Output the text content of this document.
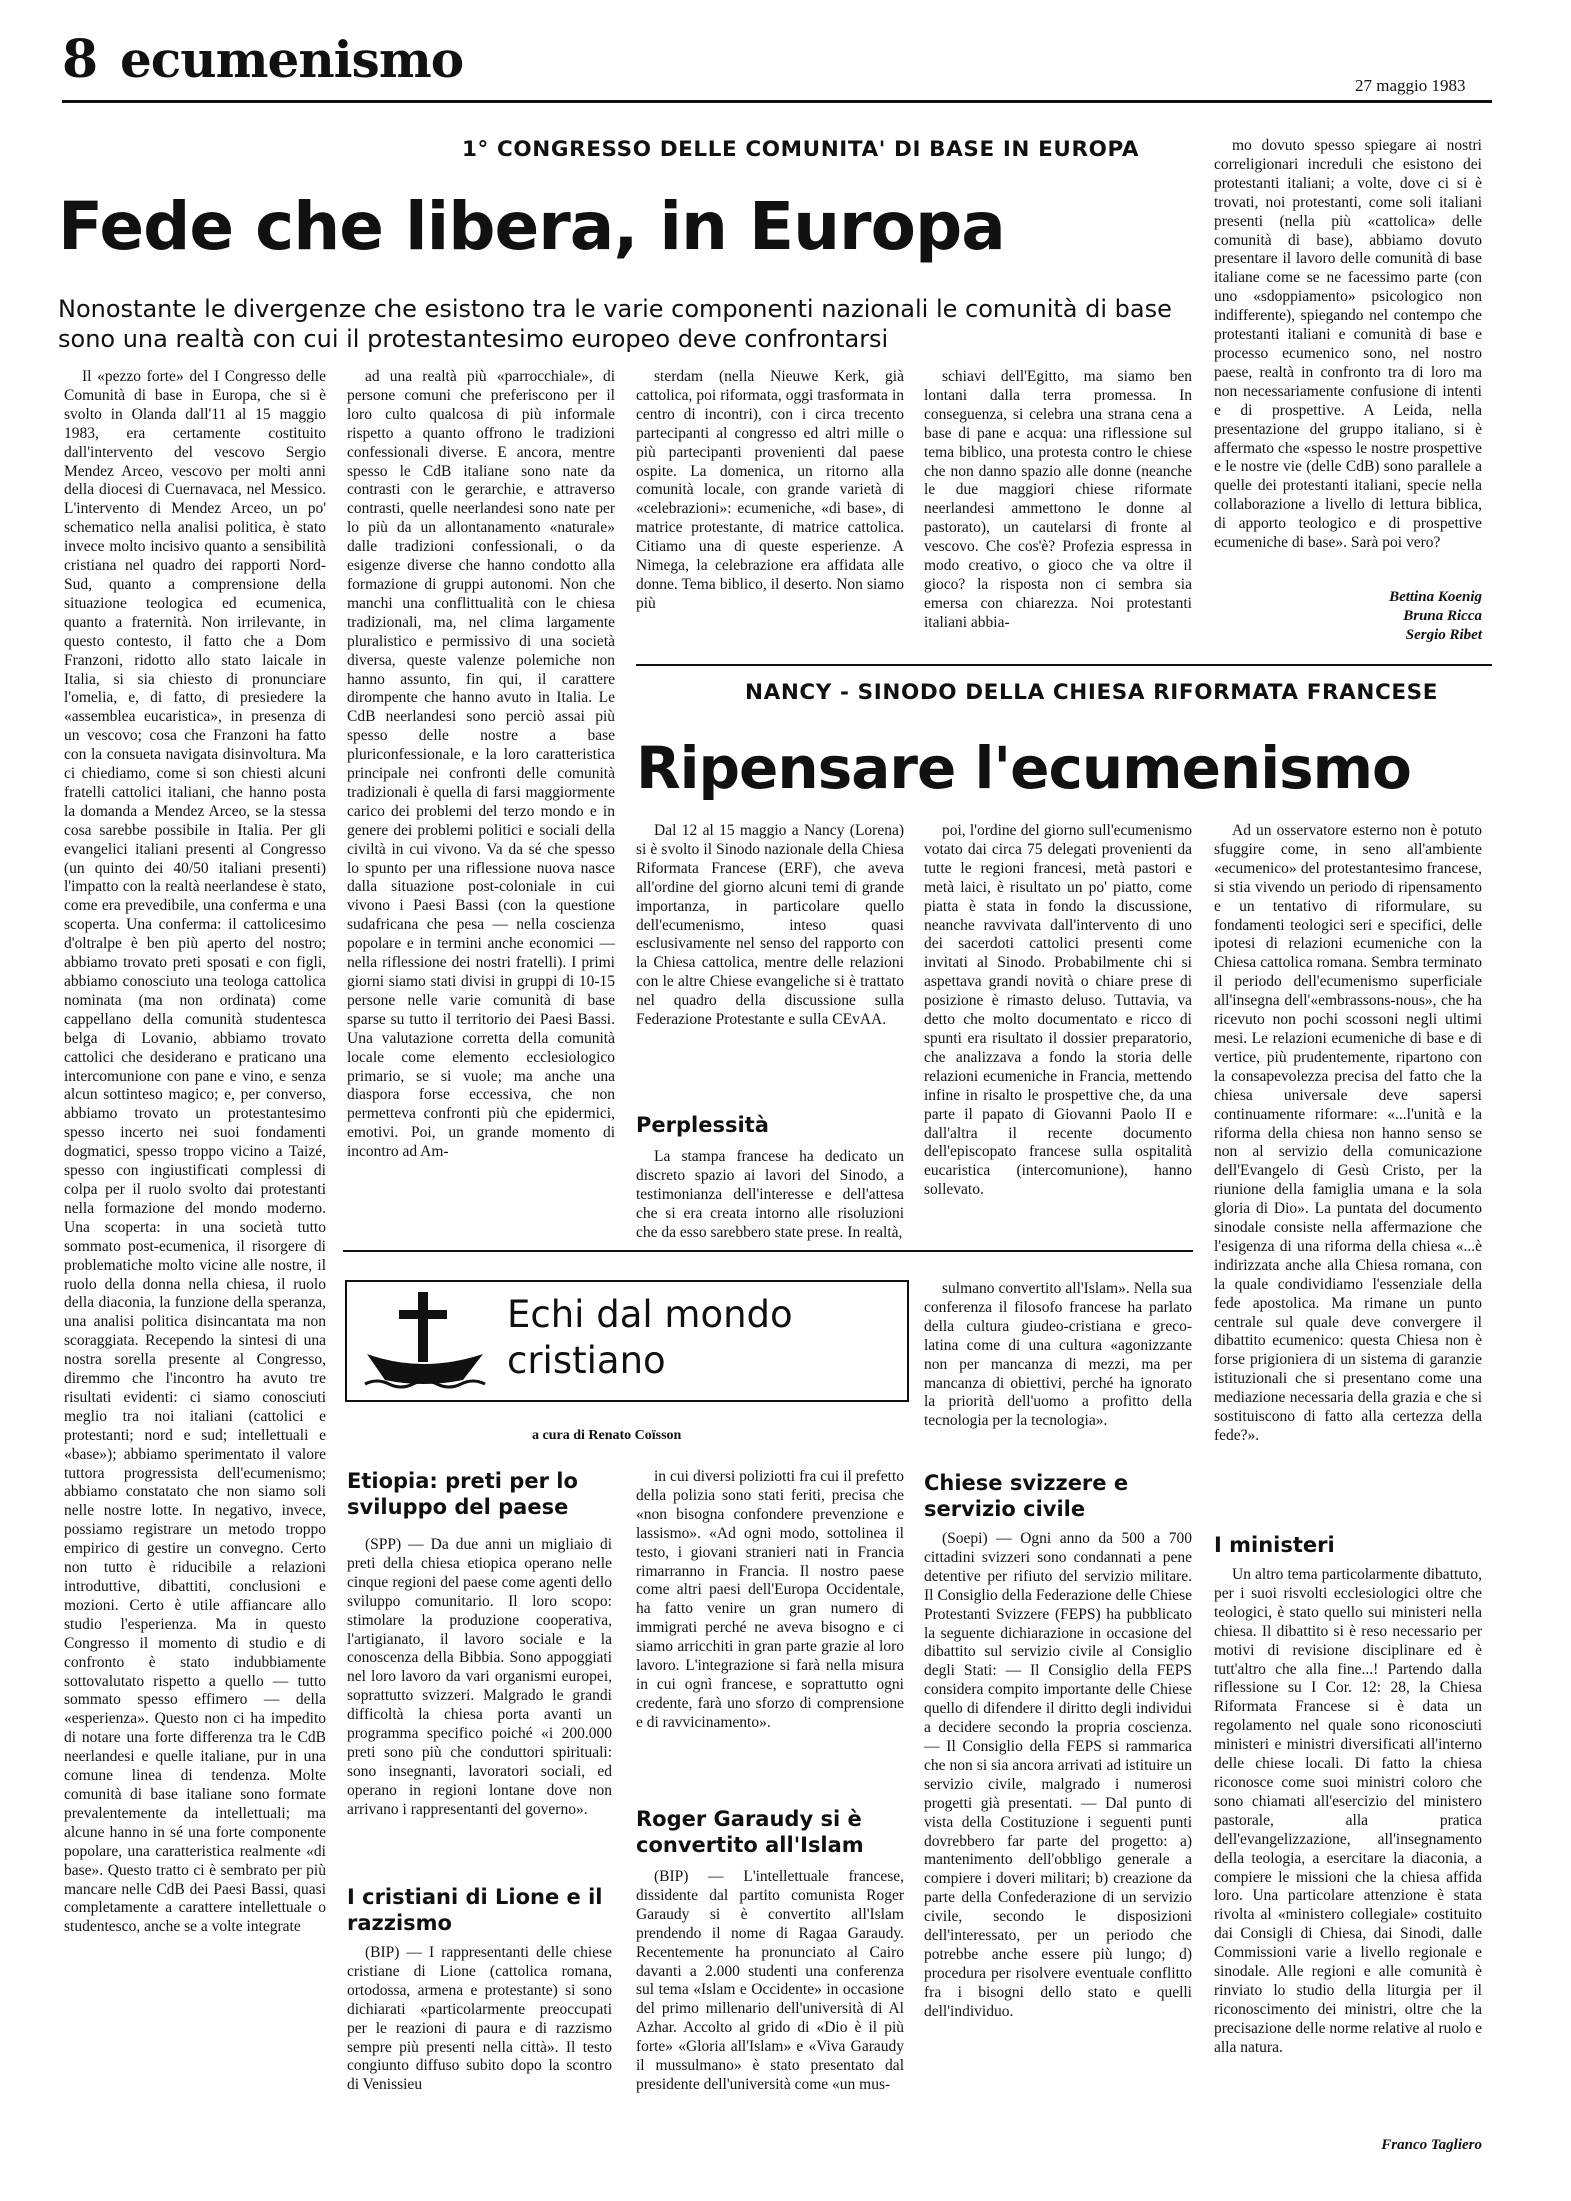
8 ecumenismo	27 maggio 1983
1° CONGRESSO DELLE COMUNITA' DI BASE IN EUROPA
Fede che libera, in Europa
Nonostante le divergenze che esistono tra le varie componenti nazionali le comunità di base sono una realtà con cui il protestantesimo europeo deve confrontarsi

Il «pezzo forte» del I Congresso delle Comunità di base in Europa, che si è svolto in Olanda dall'11 al 15 maggio 1983, era certamente costituito dall'intervento del vescovo Sergio Mendez Arceo, vescovo per molti anni della diocesi di Cuernavaca, nel Messico. L'intervento di Mendez Arceo, un po' schematico nella analisi politica, è stato invece molto incisivo quanto a sensibilità cristiana nel quadro dei rapporti Nord-Sud, quanto a comprensione della situazione teologica ed ecumenica, quanto a fraternità. Non irrilevante, in questo contesto, il fatto che a Dom Franzoni, ridotto allo stato laicale in Italia, si sia chiesto di pronunciare l'omelia, e, di fatto, di presiedere la «assemblea eucaristica», in presenza di un vescovo; cosa che Franzoni ha fatto con la consueta navigata disinvoltura. Ma ci chiediamo, come si son chiesti alcuni fratelli cattolici italiani, che hanno posta la domanda a Mendez Arceo, se la stessa cosa sarebbe possibile in Italia. Per gli evangelici italiani presenti al Congresso (un quinto dei 40/50 italiani presenti) l'impatto con la realtà neerlandese è stato, come era prevedibile, una conferma e una scoperta. Una conferma: il cattolicesimo d'oltralpe è ben più aperto del nostro; abbiamo trovato preti sposati e con figli, abbiamo conosciuto una teologa cattolica nominata (ma non ordinata) come cappellano della comunità studentesca belga di Lovanio, abbiamo trovato cattolici che desiderano e praticano una intercomunione con pane e vino, e senza alcun sottinteso magico; e, per converso, abbiamo trovato un protestantesimo spesso incerto nei suoi fondamenti dogmatici, spesso troppo vicino a Taizé, spesso con ingiustificati complessi di colpa per il ruolo svolto dai protestanti nella formazione del mondo moderno. Una scoperta: in una società tutto sommato post-ecumenica, il risorgere di problematiche molto vicine alle nostre, il ruolo della donna nella chiesa, il ruolo della diaconia, la funzione della speranza, una analisi politica disincantata ma non scoraggiata. Recependo la sintesi di una nostra sorella presente al Congresso, diremmo che l'incontro ha avuto tre risultati evidenti: ci siamo conosciuti meglio tra noi italiani (cattolici e protestanti; nord e sud; intellettuali e «base»); abbiamo sperimentato il valore tuttora progressista dell'ecumenismo; abbiamo constatato che non siamo soli nelle nostre lotte. In negativo, invece, possiamo registrare un metodo troppo empirico di gestire un convegno. Certo non tutto è riducibile a relazioni introduttive, dibattiti, conclusioni e mozioni. Certo è utile affiancare allo studio l'esperienza. Ma in questo Congresso il momento di studio e di confronto è stato indubbiamente sottovalutato rispetto a quello — tutto sommato spesso effimero — della «esperienza». Questo non ci ha impedito di notare una forte differenza tra le CdB neerlandesi e quelle italiane, pur in una comune linea di tendenza. Molte comunità di base italiane sono formate prevalentemente da intellettuali; ma alcune hanno in sé una forte componente popolare, una caratteristica realmente «di base». Questo tratto ci è sembrato per più mancare nelle CdB dei Paesi Bassi, quasi completamente a carattere intellettuale o studentesco, anche se a volte integrate

ad una realtà più «parrocchiale», di persone comuni che preferiscono per il loro culto qualcosa di più informale rispetto a quanto offrono le tradizioni confessionali diverse. E ancora, mentre spesso le CdB italiane sono nate da contrasti con le gerarchie, e attraverso contrasti, quelle neerlandesi sono nate per lo più da un allontanamento «naturale» dalle tradizioni confessionali, o da esigenze diverse che hanno condotto alla formazione di gruppi autonomi. Non che manchi una conflittualità con le chiesa tradizionali, ma, nel clima largamente pluralistico e permissivo di una società diversa, queste valenze polemiche non hanno assunto, fin qui, il carattere dirompente che hanno avuto in Italia. Le CdB neerlandesi sono perciò assai più spesso delle nostre a base pluriconfessionale, e la loro caratteristica principale nei confronti delle comunità tradizionali è quella di farsi maggiormente carico dei problemi del terzo mondo e in genere dei problemi politici e sociali della civiltà in cui vivono. Va da sé che spesso lo spunto per una riflessione nuova nasce dalla situazione post-coloniale in cui vivono i Paesi Bassi (con la questione sudafricana che pesa — nella coscienza popolare e in termini anche economici — nella riflessione dei nostri fratelli). I primi giorni siamo stati divisi in gruppi di 10-15 persone nelle varie comunità di base sparse su tutto il territorio dei Paesi Bassi. Una valutazione corretta della comunità locale come elemento ecclesiologico primario, se si vuole; ma anche una diaspora forse eccessiva, che non permetteva confronti più che epidermici, emotivi. Poi, un grande momento di incontro ad Am-

sterdam (nella Nieuwe Kerk, già cattolica, poi riformata, oggi trasformata in centro di incontri), con i circa trecento partecipanti al congresso ed altri mille o più partecipanti provenienti dal paese ospite. La domenica, un ritorno alla comunità locale, con grande varietà di «celebrazioni»: ecumeniche, «di base», di matrice protestante, di matrice cattolica. Citiamo una di queste esperienze. A Nimega, la celebrazione era affidata alle donne. Tema biblico, il deserto. Non siamo più

schiavi dell'Egitto, ma siamo ben lontani dalla terra promessa. In conseguenza, si celebra una strana cena a base di pane e acqua: una riflessione sul tema biblico, una protesta contro le chiese che non danno spazio alle donne (neanche le due maggiori chiese riformate neerlandesi ammettono le donne al pastorato), un cautelarsi di fronte al vescovo. Che cos'è? Profezia espressa in modo creativo, o gioco che va oltre il gioco? la risposta non ci sembra sia emersa con chiarezza. Noi protestanti italiani abbia-

mo dovuto spesso spiegare ai nostri correligionari increduli che esistono dei protestanti italiani; a volte, dove ci si è trovati, noi protestanti, come soli italiani presenti (nella più «cattolica» delle comunità di base), abbiamo dovuto presentare il lavoro delle comunità di base italiane come se ne facessimo parte (con uno «sdoppiamento» psicologico non indifferente), spiegando nel contempo che protestanti italiani e comunità di base e processo ecumenico sono, nel nostro paese, realtà in confronto tra di loro ma non necessariamente confusione di intenti e di prospettive. A Leida, nella presentazione del gruppo italiano, si è affermato che «spesso le nostre prospettive e le nostre vie (delle CdB) sono parallele a quelle dei protestanti italiani, specie nella collaborazione a livello di lettura biblica, di apporto teologico e di prospettive ecumeniche di base». Sarà poi vero?

Bettina Koenig
Bruna Ricca
Sergio Ribet
NANCY - SINODO DELLA CHIESA RIFORMATA FRANCESE
Ripensare l'ecumenismo

Dal 12 al 15 maggio a Nancy (Lorena) si è svolto il Sinodo nazionale della Chiesa Riformata Francese (ERF), che aveva all'ordine del giorno alcuni temi di grande importanza, in particolare quello dell'ecumenismo, inteso quasi esclusivamente nel senso del rapporto con la Chiesa cattolica, mentre delle relazioni con le altre Chiese evangeliche si è trattato nel quadro della discussione sulla Federazione Protestante e sulla CEvAA.

Perplessità

La stampa francese ha dedicato un discreto spazio ai lavori del Sinodo, a testimonianza dell'interesse e dell'attesa che si era creata intorno alle risoluzioni che da esso sarebbero state prese. In realtà,

poi, l'ordine del giorno sull'ecumenismo votato dai circa 75 delegati provenienti da tutte le regioni francesi, metà pastori e metà laici, è risultato un po' piatto, come piatta è stata in fondo la discussione, neanche ravvivata dall'intervento di uno dei sacerdoti cattolici presenti come invitati al Sinodo. Probabilmente chi si aspettava grandi novità o chiare prese di posizione è rimasto deluso. Tuttavia, va detto che molto documentato e ricco di spunti era risultato il dossier preparatorio, che analizzava a fondo la storia delle relazioni ecumeniche in Francia, mettendo infine in risalto le prospettive che, da una parte il papato di Giovanni Paolo II e dall'altra il recente documento dell'episcopato francese sulla ospitalità eucaristica (intercomunione), hanno sollevato.

Ad un osservatore esterno non è potuto sfuggire come, in seno all'ambiente «ecumenico» del protestantesimo francese, si stia vivendo un periodo di ripensamento e un tentativo di riformulare, su fondamenti teologici seri e specifici, delle ipotesi di relazioni ecumeniche con la Chiesa cattolica romana. Sembra terminato il periodo dell'ecumenismo superficiale all'insegna dell'«embrassons-nous», che ha ricevuto non pochi scossoni negli ultimi mesi. Le relazioni ecumeniche di base e di vertice, più prudentemente, ripartono con la consapevolezza precisa del fatto che la chiesa universale deve sapersi continuamente riformare: «...l'unità e la riforma della chiesa non hanno senso se non al servizio della comunicazione dell'Evangelo di Gesù Cristo, per la riunione della famiglia umana e la sola gloria di Dio». La puntata del documento sinodale consiste nella affermazione che l'esigenza di una riforma della chiesa «...è indirizzata anche alla Chiesa romana, con la quale condividiamo l'essenziale della fede apostolica. Ma rimane un punto centrale sul quale deve convergere il dibattito ecumenico: questa Chiesa non è forse prigioniera di un sistema di garanzie istituzionali che si presentano come una mediazione necessaria della grazia e che si sostituiscono di fatto alla certezza della fede?».

I ministeri

Un altro tema particolarmente dibattuto, per i suoi risvolti ecclesiologici oltre che teologici, è stato quello sui ministeri nella chiesa. Il dibattito si è reso necessario per motivi di revisione disciplinare ed è tutt'altro che alla fine...! Partendo dalla riflessione su I Cor. 12: 28, la Chiesa Riformata Francese si è data un regolamento nel quale sono riconosciuti ministeri e ministri diversificati all'interno delle chiese locali. Di fatto la chiesa riconosce come suoi ministri coloro che sono chiamati all'esercizio del ministero pastorale, alla pratica dell'evangelizzazione, all'insegnamento della teologia, a esercitare la diaconia, a compiere le missioni che la chiesa affida loro. Una particolare attenzione è stata rivolta al «ministero collegiale» costituito dai Consigli di Chiesa, dai Sinodi, dalle Commissioni varie a livello regionale e sinodale. Alle regioni e alle comunità è rinviato lo studio della liturgia per il riconoscimento dei ministri, oltre che la precisazione delle norme relative al ruolo e alla natura.

Franco Tagliero
Echi dal mondo cristiano
a cura di Renato Coïsson
Etiopia: preti per lo sviluppo del paese

(SPP) — Da due anni un migliaio di preti della chiesa etiopica operano nelle cinque regioni del paese come agenti dello sviluppo comunitario. Il loro scopo: stimolare la produzione cooperativa, l'artigianato, il lavoro sociale e la conoscenza della Bibbia. Sono appoggiati nel loro lavoro da vari organismi europei, soprattutto svizzeri. Malgrado le grandi difficoltà la chiesa porta avanti un programma specifico poiché «i 200.000 preti sono più che conduttori spirituali: sono insegnanti, lavoratori sociali, ed operano in regioni lontane dove non arrivano i rappresentanti del governo».

I cristiani di Lione e il razzismo

(BIP) — I rappresentanti delle chiese cristiane di Lione (cattolica romana, ortodossa, armena e protestante) si sono dichiarati «particolarmente preoccupati per le reazioni di paura e di razzismo sempre più presenti nella città». Il testo congiunto diffuso subito dopo la scontro di Venissieu

in cui diversi poliziotti fra cui il prefetto della polizia sono stati feriti, precisa che «non bisogna confondere prevenzione e lassismo». «Ad ogni modo, sottolinea il testo, i giovani stranieri nati in Francia rimarranno in Francia. Il nostro paese come altri paesi dell'Europa Occidentale, ha fatto venire un gran numero di immigrati perché ne aveva bisogno e ci siamo arricchiti in gran parte grazie al loro lavoro. L'integrazione si farà nella misura in cui ognì francese, e soprattutto ogni credente, farà uno sforzo di comprensione e di ravvicinamento».

Roger Garaudy si è convertito all'Islam

(BIP) — L'intellettuale francese, dissidente dal partito comunista Roger Garaudy si è convertito all'Islam prendendo il nome di Ragaa Garaudy. Recentemente ha pronunciato al Cairo davanti a 2.000 studenti una conferenza sul tema «Islam e Occidente» in occasione del primo millenario dell'università di Al Azhar. Accolto al grido di «Dio è il più forte» «Gloria all'Islam» e «Viva Garaudy il mussulmano» è stato presentato dal presidente dell'università come «un mus-

sulmano convertito all'Islam». Nella sua conferenza il filosofo francese ha parlato della cultura giudeo-cristiana e greco-latina come di una cultura «agonizzante non per mancanza di mezzi, ma per mancanza di obiettivi, perché ha ignorato la priorità dell'uomo a profitto della tecnologia per la tecnologia».

Chiese svizzere e servizio civile

(Soepi) — Ogni anno da 500 a 700 cittadini svizzeri sono condannati a pene detentive per rifiuto del servizio militare. Il Consiglio della Federazione delle Chiese Protestanti Svizzere (FEPS) ha pubblicato la seguente dichiarazione in occasione del dibattito sul servizio civile al Consiglio degli Stati: — Il Consiglio della FEPS considera compito importante delle Chiese quello di difendere il diritto degli individui a decidere secondo la propria coscienza. — Il Consiglio della FEPS si rammarica che non si sia ancora arrivati ad istituire un servizio civile, malgrado i numerosi progetti già presentati. — Dal punto di vista della Costituzione i seguenti punti dovrebbero far parte del progetto: a) mantenimento dell'obbligo generale a compiere i doveri militari; b) creazione da parte della Confederazione di un servizio civile, secondo le disposizioni dell'interessato, per un periodo che potrebbe anche essere più lungo; d) procedura per risolvere eventuale conflitto fra i bisogni dello stato e quelli dell'individuo.
